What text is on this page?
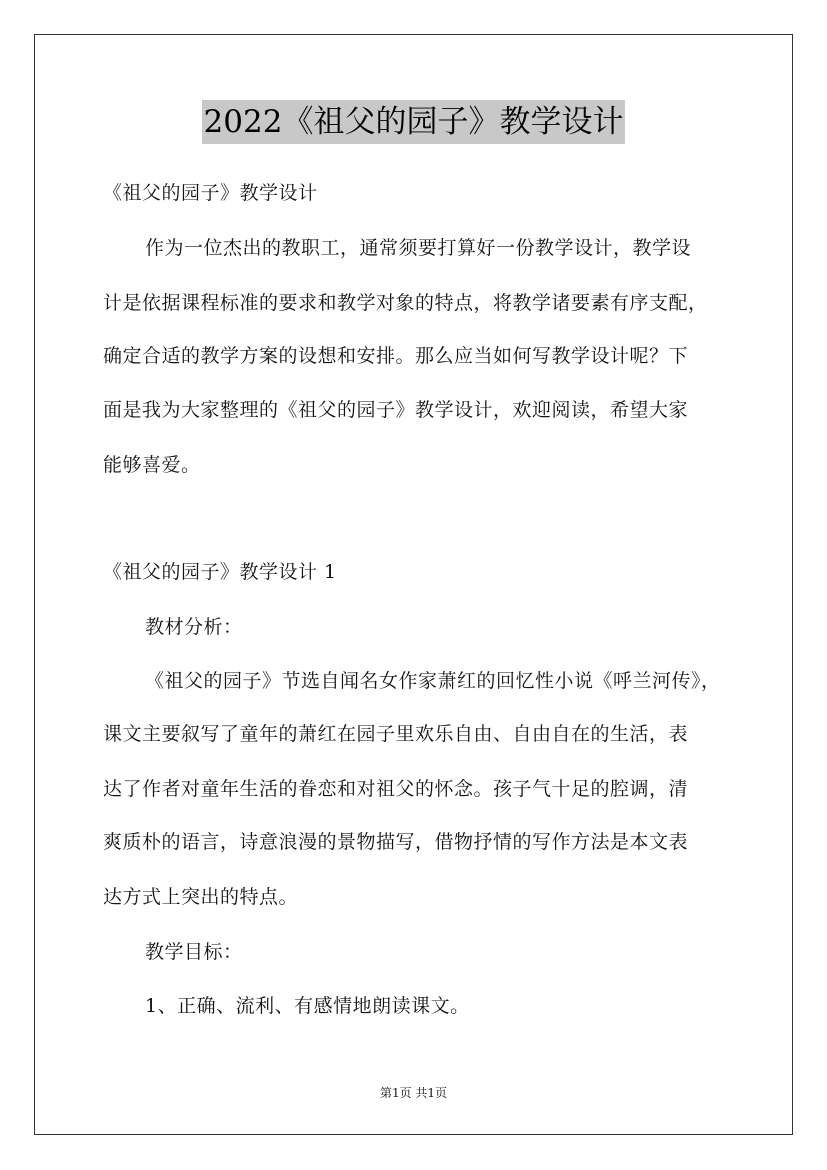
2022《祖父的园子》教学设计
《祖父的园子》教学设计
作为一位杰出的教职工，通常须要打算好一份教学设计，教学设
计是依据课程标准的要求和教学对象的特点，将教学诸要素有序支配，
确定合适的教学方案的设想和安排。那么应当如何写教学设计呢？下
面是我为大家整理的《祖父的园子》教学设计，欢迎阅读，希望大家
能够喜爱。
《祖父的园子》教学设计 1
教材分析：
《祖父的园子》节选自闻名女作家萧红的回忆性小说《呼兰河传》，
课文主要叙写了童年的萧红在园子里欢乐自由、自由自在的生活，表
达了作者对童年生活的眷恋和对祖父的怀念。孩子气十足的腔调，清
爽质朴的语言，诗意浪漫的景物描写，借物抒情的写作方法是本文表
达方式上突出的特点。
教学目标：
1、正确、流利、有感情地朗读课文。
第1页 共1页
